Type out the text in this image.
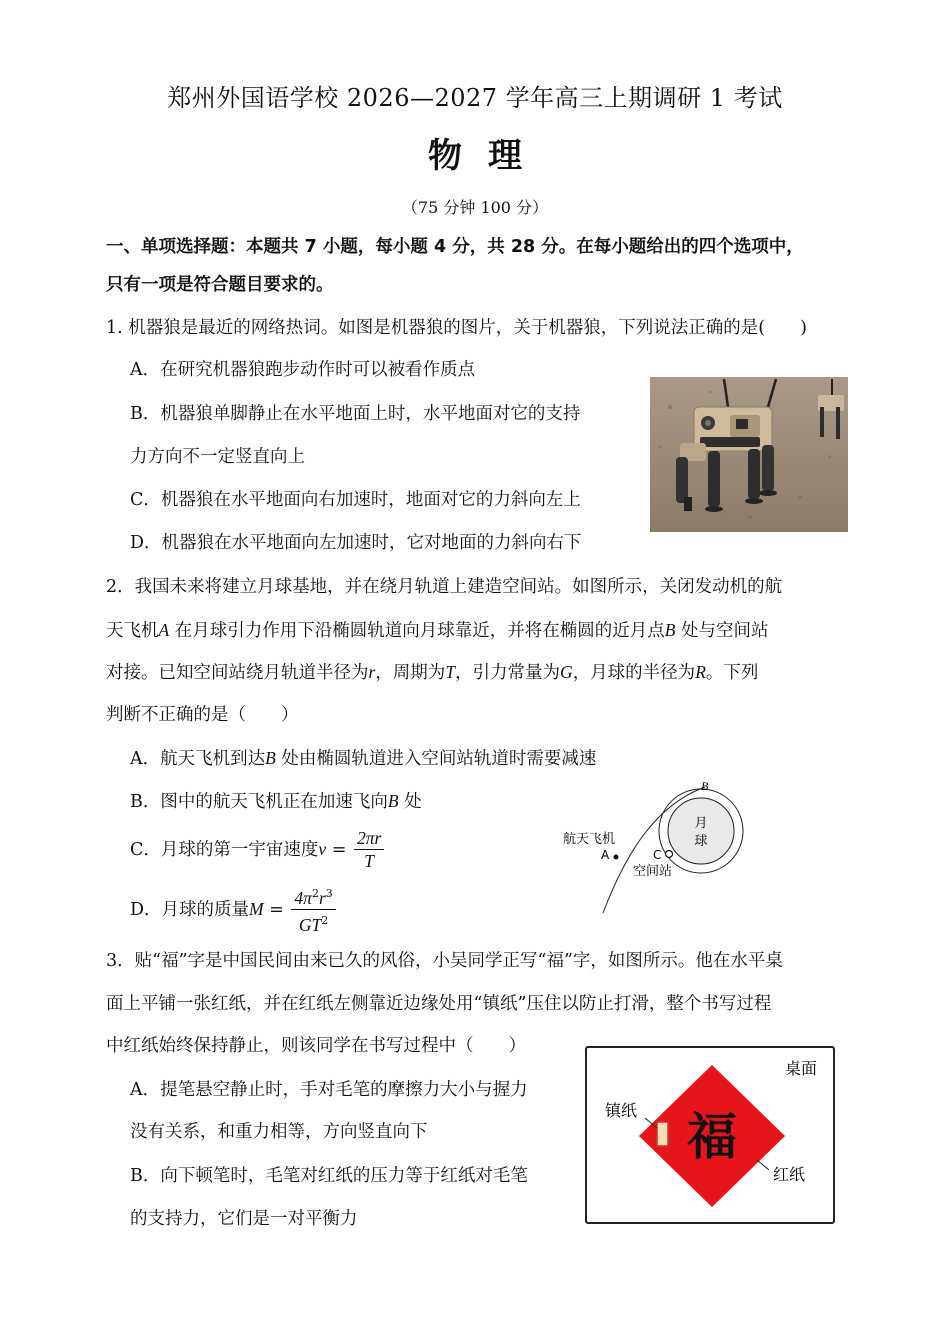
郑州外国语学校 2026—2027 学年高三上期调研 1 考试
物理
（75 分钟 100 分）
一、单项选择题：本题共 7 小题，每小题 4 分，共 28 分。在每小题给出的四个选项中，
只有一项是符合题目要求的。
1. 机器狼是最近的网络热词。如图是机器狼的图片，关于机器狼，下列说法正确的是(　　)
A．在研究机器狼跑步动作时可以被看作质点
B．机器狼单脚静止在水平地面上时，水平地面对它的支持
力方向不一定竖直向上
C．机器狼在水平地面向右加速时，地面对它的力斜向左上
D．机器狼在水平地面向左加速时，它对地面的力斜向右下
2．我国未来将建立月球基地，并在绕月轨道上建造空间站。如图所示，关闭发动机的航
天飞机A 在月球引力作用下沿椭圆轨道向月球靠近，并将在椭圆的近月点B 处与空间站
对接。已知空间站绕月轨道半径为r，周期为T，引力常量为G，月球的半径为R。下列
判断不正确的是（　　）
A．航天飞机到达B 处由椭圆轨道进入空间站轨道时需要减速
B．图中的航天飞机正在加速飞向B 处
C．月球的第一宇宙速度$v = \frac{2\pi r}{T}$
D．月球的质量$M = \frac{4\pi^2r^3}{GT^2}$
月
球
B
航天飞机
A	C
空间站
3．贴“福”字是中国民间由来已久的风俗，小吴同学正写“福”字，如图所示。他在水平桌
面上平铺一张红纸，并在红纸左侧靠近边缘处用“镇纸”压住以防止打滑，整个书写过程
中红纸始终保持静止，则该同学在书写过程中（　　）
A．提笔悬空静止时，手对毛笔的摩擦力大小与握力
没有关系，和重力相等，方向竖直向下
B．向下顿笔时，毛笔对红纸的压力等于红纸对毛笔
的支持力，它们是一对平衡力
桌面
福
镇纸
红纸
